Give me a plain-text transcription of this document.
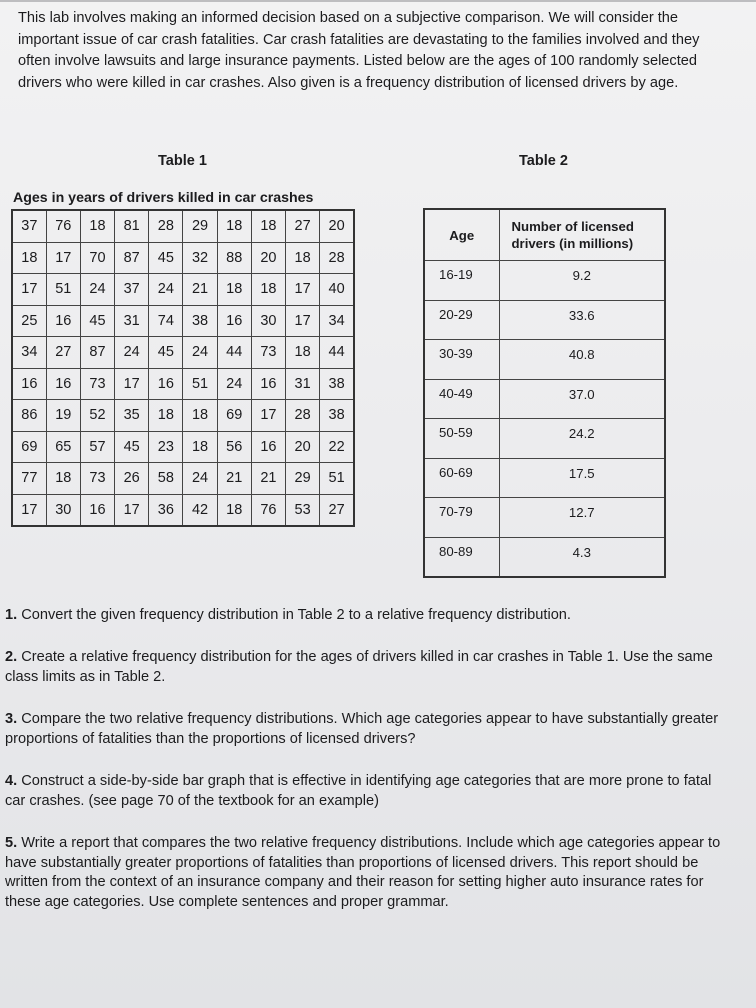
This lab involves making an informed decision based on a subjective comparison. We will consider the important issue of car crash fatalities. Car crash fatalities are devastating to the families involved and they often involve lawsuits and large insurance payments. Listed below are the ages of 100 randomly selected drivers who were killed in car crashes. Also given is a frequency distribution of licensed drivers by age.

Table 1	Table 2
Ages in years of drivers killed in car crashes
37	76	18	81	28	29	18	18	27	20
18	17	70	87	45	32	88	20	18	28
17	51	24	37	24	21	18	18	17	40
25	16	45	31	74	38	16	30	17	34
34	27	87	24	45	24	44	73	18	44
16	16	73	17	16	51	24	16	31	38
86	19	52	35	18	18	69	17	28	38
69	65	57	45	23	18	56	16	20	22
77	18	73	26	58	24	21	21	29	51
17	30	16	17	36	42	18	76	53	27
Age	Number of licensed drivers (in millions)
16-19	9.2
20-29	33.6
30-39	40.8
40-49	37.0
50-59	24.2
60-69	17.5
70-79	12.7
80-89	4.3

1. Convert the given frequency distribution in Table 2 to a relative frequency distribution.

2. Create a relative frequency distribution for the ages of drivers killed in car crashes in Table 1. Use the same class limits as in Table 2.

3. Compare the two relative frequency distributions. Which age categories appear to have substantially greater proportions of fatalities than the proportions of licensed drivers?

4. Construct a side-by-side bar graph that is effective in identifying age categories that are more prone to fatal car crashes. (see page 70 of the textbook for an example)

5. Write a report that compares the two relative frequency distributions. Include which age categories appear to have substantially greater proportions of fatalities than proportions of licensed drivers. This report should be written from the context of an insurance company and their reason for setting higher auto insurance rates for these age categories. Use complete sentences and proper grammar.
